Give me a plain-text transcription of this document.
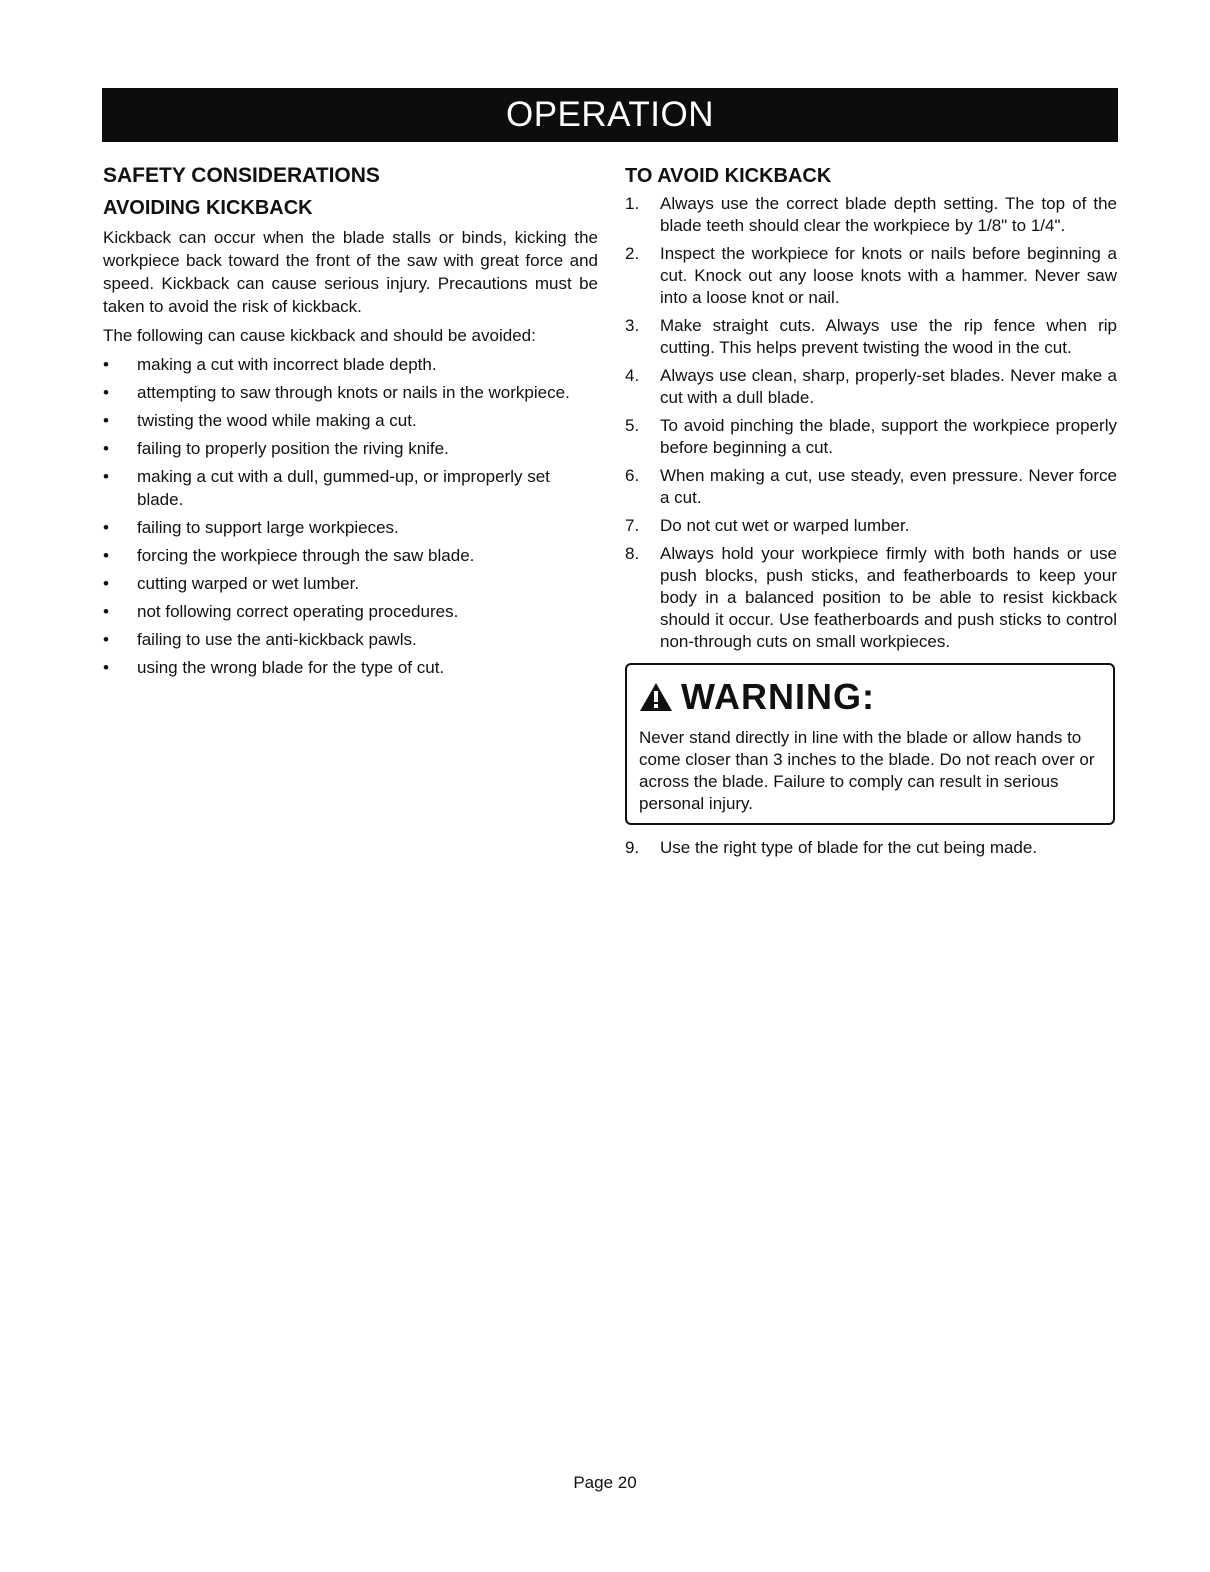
OPERATION
SAFETY CONSIDERATIONS
AVOIDING KICKBACK

Kickback can occur when the blade stalls or binds, kicking the workpiece back toward the front of the saw with great force and speed. Kickback can cause serious injury. Precautions must be taken to avoid the risk of kickback.

The following can cause kickback and should be avoided:

• making a cut with incorrect blade depth.
• attempting to saw through knots or nails in the workpiece.
• twisting the wood while making a cut.
• failing to properly position the riving knife.
• making a cut with a dull, gummed-up, or improperly set blade.
• failing to support large workpieces.
• forcing the workpiece through the saw blade.
• cutting warped or wet lumber.
• not following correct operating procedures.
• failing to use the anti-kickback pawls.
• using the wrong blade for the type of cut.
TO AVOID KICKBACK
1. Always use the correct blade depth setting. The top of the blade teeth should clear the workpiece by 1/8" to 1/4".
2. Inspect the workpiece for knots or nails before beginning a cut. Knock out any loose knots with a hammer. Never saw into a loose knot or nail.
3. Make straight cuts. Always use the rip fence when rip cutting. This helps prevent twisting the wood in the cut.
4. Always use clean, sharp, properly-set blades. Never make a cut with a dull blade.
5. To avoid pinching the blade, support the workpiece properly before beginning a cut.
6. When making a cut, use steady, even pressure. Never force a cut.
7. Do not cut wet or warped lumber.
8. Always hold your workpiece firmly with both hands or use push blocks, push sticks, and featherboards to keep your body in a balanced position to be able to resist kickback should it occur. Use featherboards and push sticks to control non-through cuts on small workpieces.
WARNING:

Never stand directly in line with the blade or allow hands to come closer than 3 inches to the blade. Do not reach over or across the blade. Failure to comply can result in serious personal injury.

9. Use the right type of blade for the cut being made.
Page 20
